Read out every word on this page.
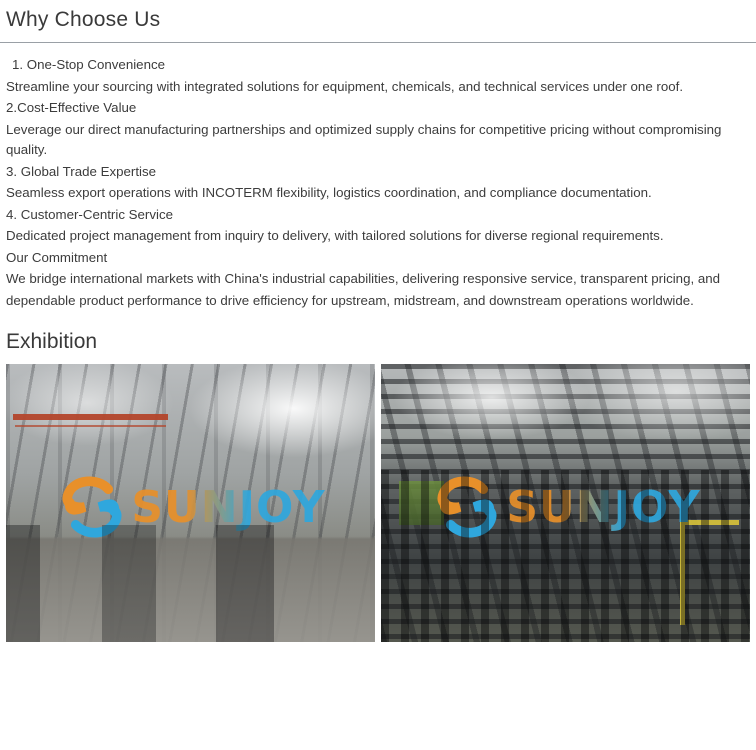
Why Choose Us

1. One-Stop Convenience

Streamline your sourcing with integrated solutions for equipment, chemicals, and technical services under one roof.

2.Cost-Effective Value

Leverage our direct manufacturing partnerships and optimized supply chains for competitive pricing without compromising quality.

3. Global Trade Expertise

Seamless export operations with INCOTERM flexibility, logistics coordination, and compliance documentation.

4. Customer-Centric Service

Dedicated project management from inquiry to delivery, with tailored solutions for diverse regional requirements.

Our Commitment

We bridge international markets with China's industrial capabilities, delivering responsive service, transparent pricing, and

dependable product performance to drive efficiency for upstream, midstream, and downstream operations worldwide.

Exhibition
SUNJOY	SUNJOY
